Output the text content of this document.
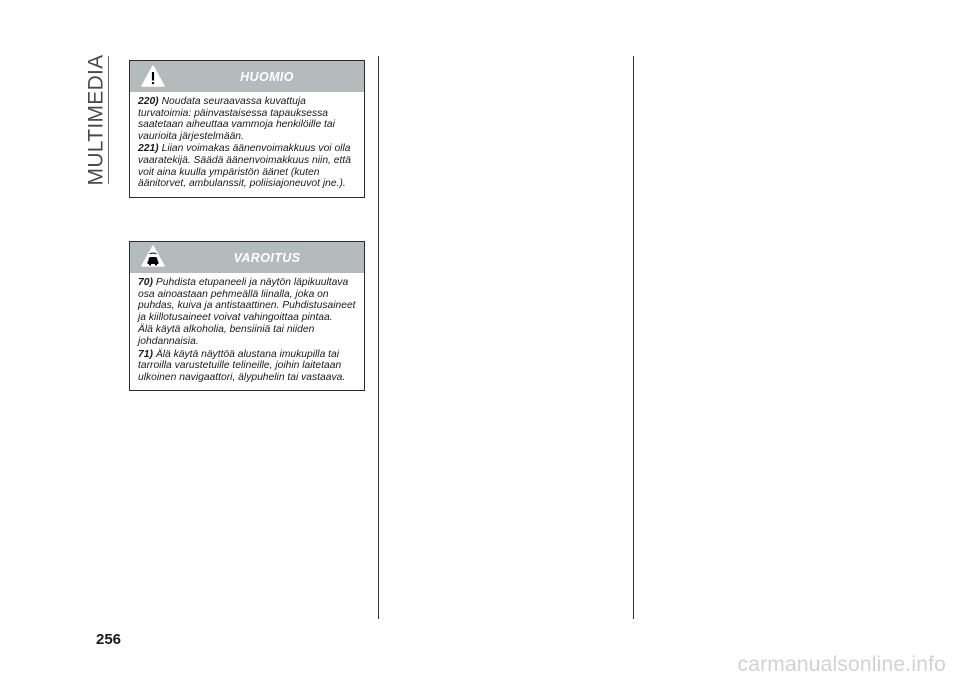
MULTIMEDIA	HUOMIO

220) Noudata seuraavassa kuvattuja turvatoimia: päinvastaisessa tapauksessa saatetaan aiheuttaa vammoja henkilöille tai vaurioita järjestelmään.

221) Liian voimakas äänenvoimakkuus voi olla vaaratekijä. Säädä äänenvoimakkuus niin, että voit aina kuulla ympäristön äänet (kuten äänitorvet, ambulanssit, poliisiajoneuvot jne.).

VAROITUS

70) Puhdista etupaneeli ja näytön läpikuultava osa ainoastaan pehmeällä liinalla, joka on puhdas, kuiva ja antistaattinen. Puhdistusaineet ja kiillotusaineet voivat vahingoittaa pintaa.

Älä käytä alkoholia, bensiiniä tai niiden johdannaisia.

71) Älä käytä näyttöä alustana imukupilla tai tarroilla varustetuille telineille, joihin laitetaan ulkoinen navigaattori, älypuhelin tai vastaava.

256
carmanualsonline.info
